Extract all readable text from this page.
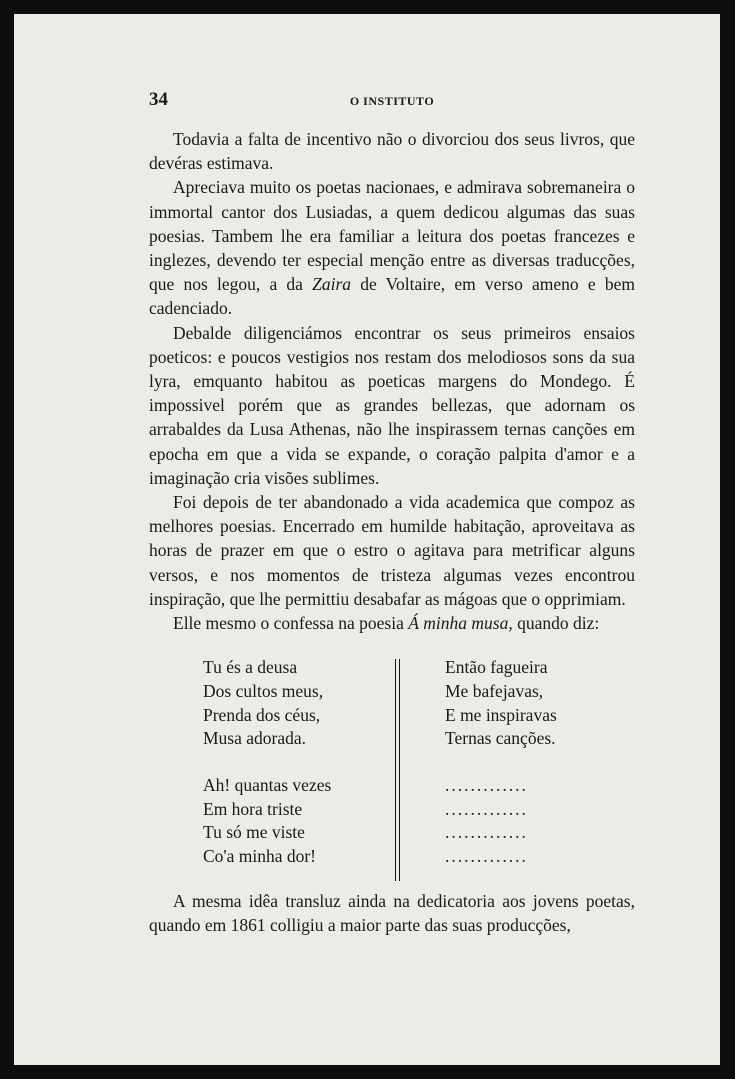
34	O INSTITUTO

Todavia a falta de incentivo não o divorciou dos seus livros, que devéras estimava.

Apreciava muito os poetas nacionaes, e admirava sobremaneira o immortal cantor dos Lusiadas, a quem dedicou algumas das suas poesias. Tambem lhe era familiar a leitura dos poetas francezes e inglezes, devendo ter especial menção entre as diversas traducções, que nos legou, a da Zaira de Voltaire, em verso ameno e bem cadenciado.

Debalde diligenciámos encontrar os seus primeiros ensaios poeticos: e poucos vestigios nos restam dos melodiosos sons da sua lyra, emquanto habitou as poeticas margens do Mondego. É impossivel porém que as grandes bellezas, que adornam os arrabaldes da Lusa Athenas, não lhe inspirassem ternas canções em epocha em que a vida se expande, o coração palpita d'amor e a imaginação cria visões sublimes.

Foi depois de ter abandonado a vida academica que compoz as melhores poesias. Encerrado em humilde habitação, aproveitava as horas de prazer em que o estro o agitava para metrificar alguns versos, e nos momentos de tristeza algumas vezes encontrou inspiração, que lhe permittiu desabafar as mágoas que o opprimiam.

Elle mesmo o confessa na poesia Á minha musa, quando diz:

Tu és a deusa
Dos cultos meus,
Prenda dos céus,
Musa adorada.
Ah! quantas vezes
Em hora triste
Tu só me viste
Co'a minha dor!
Então fagueira
Me bafejavas,
E me inspiravas
Ternas canções.
.............
.............
.............
.............

A mesma idêa transluz ainda na dedicatoria aos jovens poetas, quando em 1861 colligiu a maior parte das suas producções,
